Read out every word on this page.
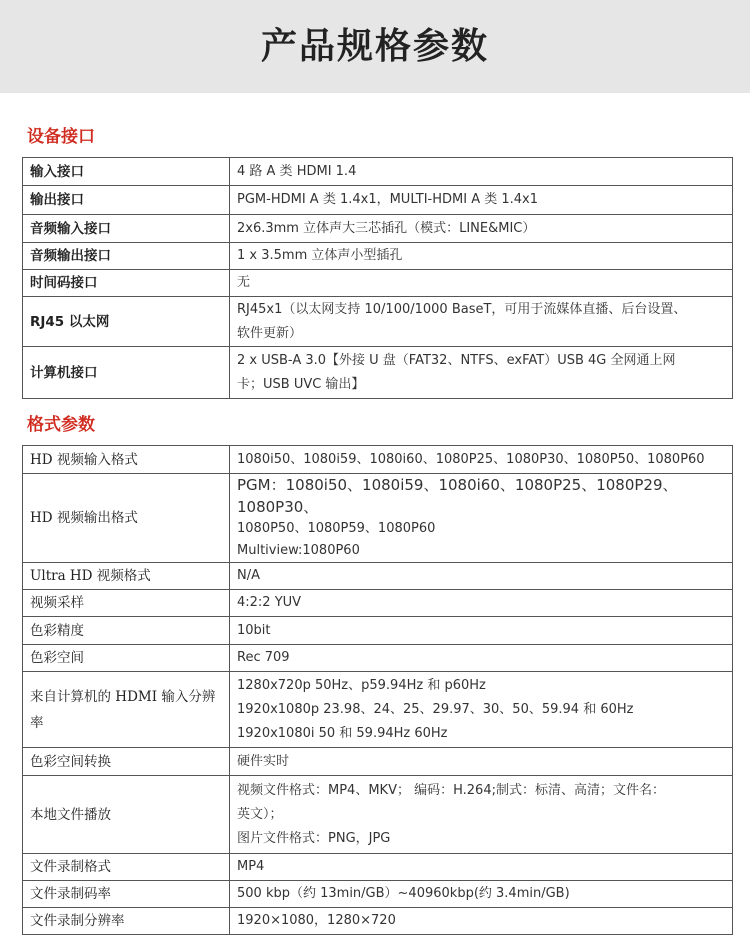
产品规格参数
设备接口
输入接口	4 路 A 类 HDMI 1.4
输出接口	PGM-HDMI A 类 1.4x1，MULTI-HDMI A 类 1.4x1
音频输入接口	2x6.3mm 立体声大三芯插孔（模式：LINE&MIC）
音频输出接口	1 x 3.5mm 立体声小型插孔
时间码接口	无
RJ45 以太网	RJ45x1（以太网支持 10/100/1000 BaseT，可用于流媒体直播、后台设置、
软件更新）

计算机接口	2 x USB-A 3.0【外接 U 盘（FAT32、NTFS、exFAT）USB 4G 全网通上网
卡；USB UVC 输出】
格式参数
HD 视频输入格式	1080i50、1080i59、1080i60、1080P25、1080P30、1080P50、1080P60
HD 视频输出格式	PGM：1080i50、1080i59、1080i60、1080P25、1080P29、1080P30、
1080P50、1080P59、1080P60
Multiview:1080P60

Ultra HD 视频格式	N/A
视频采样	4:2:2 YUV
色彩精度	10bit
色彩空间	Rec 709
来自计算机的 HDMI 输入分辨率	1280x720p 50Hz、p59.94Hz 和 p60Hz
1920x1080p 23.98、24、25、29.97、30、50、59.94 和 60Hz
1920x1080i 50 和 59.94Hz 60Hz

色彩空间转换	硬件实时
本地文件播放	视频文件格式：MP4、MKV； 编码：H.264;制式：标清、高清；文件名：
英文）；
图片文件格式：PNG，JPG

文件录制格式	MP4
文件录制码率	500 kbp（约 13min/GB）~40960kbp(约 3.4min/GB)
文件录制分辨率	1920×1080，1280×720
